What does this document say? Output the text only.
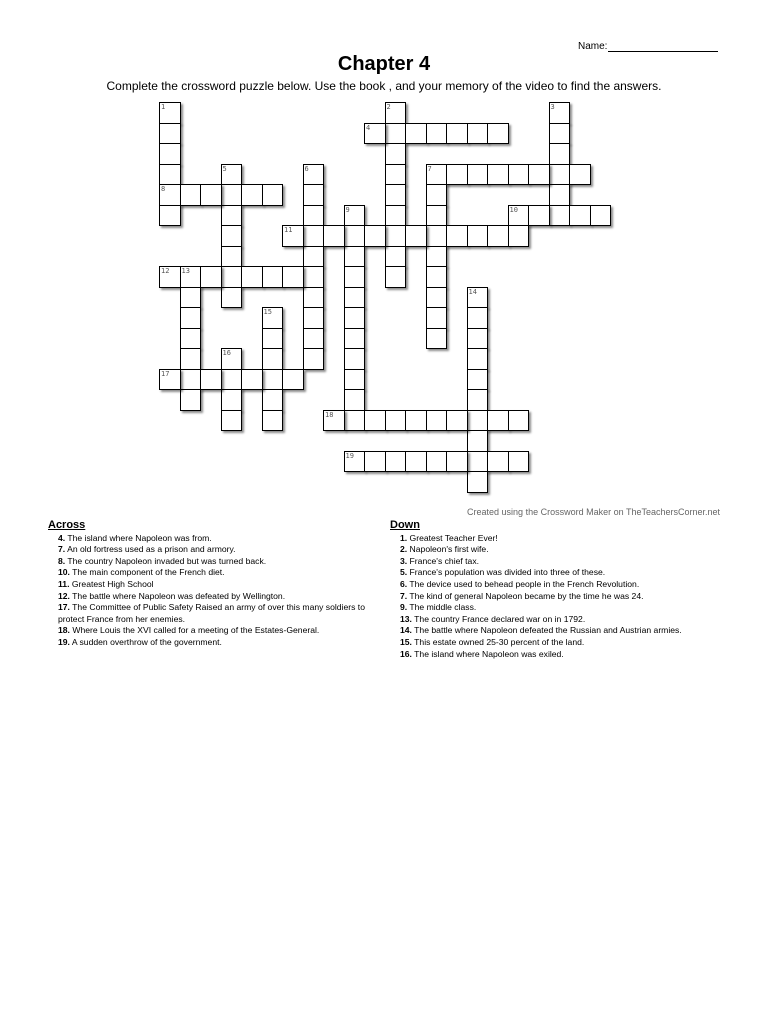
Name:
Chapter 4
Complete the crossword puzzle below. Use the book , and your memory of the video to find the answers.
1	2	3
4
5	6	7
8
9	10
11
12 13
14
15
16
17
18
19
Created using the Crossword Maker on TheTeachersCorner.net
Across
4. The island where Napoleon was from.
7. An old fortress used as a prison and armory.
8. The country Napoleon invaded but was turned back.
10. The main component of the French diet.
11. Greatest High School
12. The battle where Napoleon was defeated by Wellington.
17. The Committee of Public Safety Raised an army of over this many soldiers to protect France from her enemies.
18. Where Louis the XVI called for a meeting of the Estates-General.
19. A sudden overthrow of the government.
Down
1. Greatest Teacher Ever!
2. Napoleon's first wife.
3. France's chief tax.
5. France's population was divided into three of these.
6. The device used to behead people in the French Revolution.
7. The kind of general Napoleon became by the time he was 24.
9. The middle class.
13. The country France declared war on in 1792.
14. The battle where Napoleon defeated the Russian and Austrian armies.
15. This estate owned 25-30 percent of the land.
16. The island where Napoleon was exiled.
